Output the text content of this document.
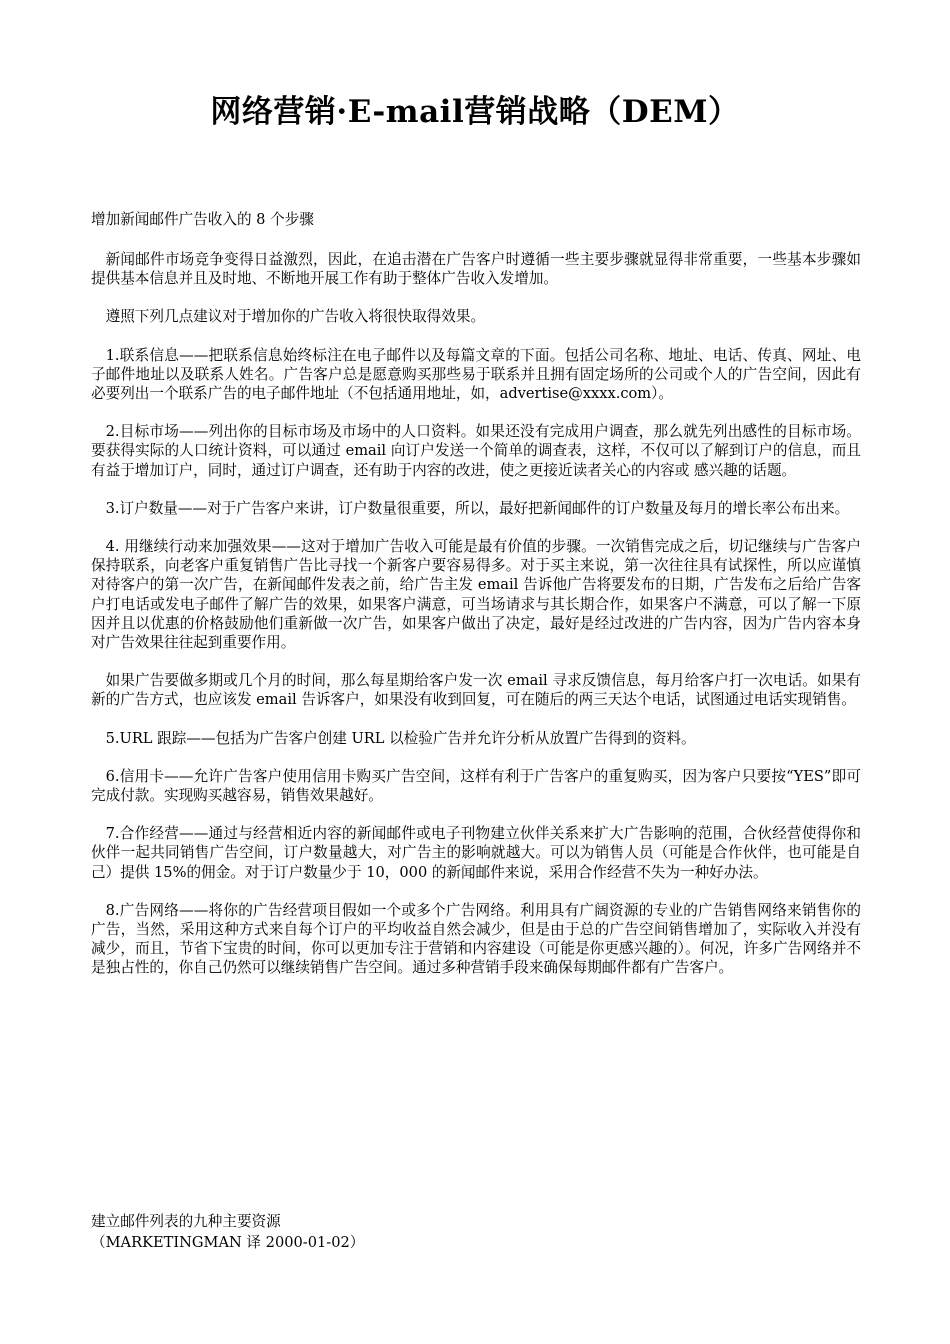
网络营销·E-mail营销战略（DEM）
增加新闻邮件广告收入的 8 个步骤

新闻邮件市场竞争变得日益激烈，因此，在追击潜在广告客户时遵循一些主要步骤就显得非常重要，一些基本步骤如提供基本信息并且及时地、不断地开展工作有助于整体广告收入发增加。

遵照下列几点建议对于增加你的广告收入将很快取得效果。

1.联系信息——把联系信息始终标注在电子邮件以及每篇文章的下面。包括公司名称、地址、电话、传真、网址、电子邮件地址以及联系人姓名。广告客户总是愿意购买那些易于联系并且拥有固定场所的公司或个人的广告空间，因此有必要列出一个联系广告的电子邮件地址（不包括通用地址，如，advertise@xxxx.com）。

2.目标市场——列出你的目标市场及市场中的人口资料。如果还没有完成用户调查，那么就先列出感性的目标市场。要获得实际的人口统计资料，可以通过 email 向订户发送一个简单的调查表，这样，不仅可以了解到订户的信息，而且有益于增加订户，同时，通过订户调查，还有助于内容的改进，使之更接近读者关心的内容或 感兴趣的话题。

3.订户数量——对于广告客户来讲，订户数量很重要，所以，最好把新闻邮件的订户数量及每月的增长率公布出来。

4. 用继续行动来加强效果——这对于增加广告收入可能是最有价值的步骤。一次销售完成之后，切记继续与广告客户保持联系，向老客户重复销售广告比寻找一个新客户要容易得多。对于买主来说，第一次往往具有试探性，所以应谨慎对待客户的第一次广告，在新闻邮件发表之前，给广告主发 email 告诉他广告将要发布的日期，广告发布之后给广告客户打电话或发电子邮件了解广告的效果，如果客户满意，可当场请求与其长期合作，如果客户不满意，可以了解一下原因并且以优惠的价格鼓励他们重新做一次广告，如果客户做出了决定，最好是经过改进的广告内容，因为广告内容本身对广告效果往往起到重要作用。

如果广告要做多期或几个月的时间，那么每星期给客户发一次 email 寻求反馈信息，每月给客户打一次电话。如果有新的广告方式，也应该发 email 告诉客户，如果没有收到回复，可在随后的两三天达个电话，试图通过电话实现销售。

5.URL 跟踪——包括为广告客户创建 URL 以检验广告并允许分析从放置广告得到的资料。

6.信用卡——允许广告客户使用信用卡购买广告空间，这样有利于广告客户的重复购买，因为客户只要按“YES”即可完成付款。实现购买越容易，销售效果越好。

7.合作经营——通过与经营相近内容的新闻邮件或电子刊物建立伙伴关系来扩大广告影响的范围，合伙经营使得你和伙伴一起共同销售广告空间，订户数量越大，对广告主的影响就越大。可以为销售人员（可能是合作伙伴，也可能是自己）提供 15%的佣金。对于订户数量少于 10，000 的新闻邮件来说，采用合作经营不失为一种好办法。

8.广告网络——将你的广告经营项目假如一个或多个广告网络。利用具有广阔资源的专业的广告销售网络来销售你的广告，当然，采用这种方式来自每个订户的平均收益自然会减少，但是由于总的广告空间销售增加了，实际收入并没有减少，而且，节省下宝贵的时间，你可以更加专注于营销和内容建设（可能是你更感兴趣的）。何况，许多广告网络并不是独占性的，你自己仍然可以继续销售广告空间。通过多种营销手段来确保每期邮件都有广告客户。

建立邮件列表的九种主要资源
（MARKETINGMAN 译 2000-01-02）
